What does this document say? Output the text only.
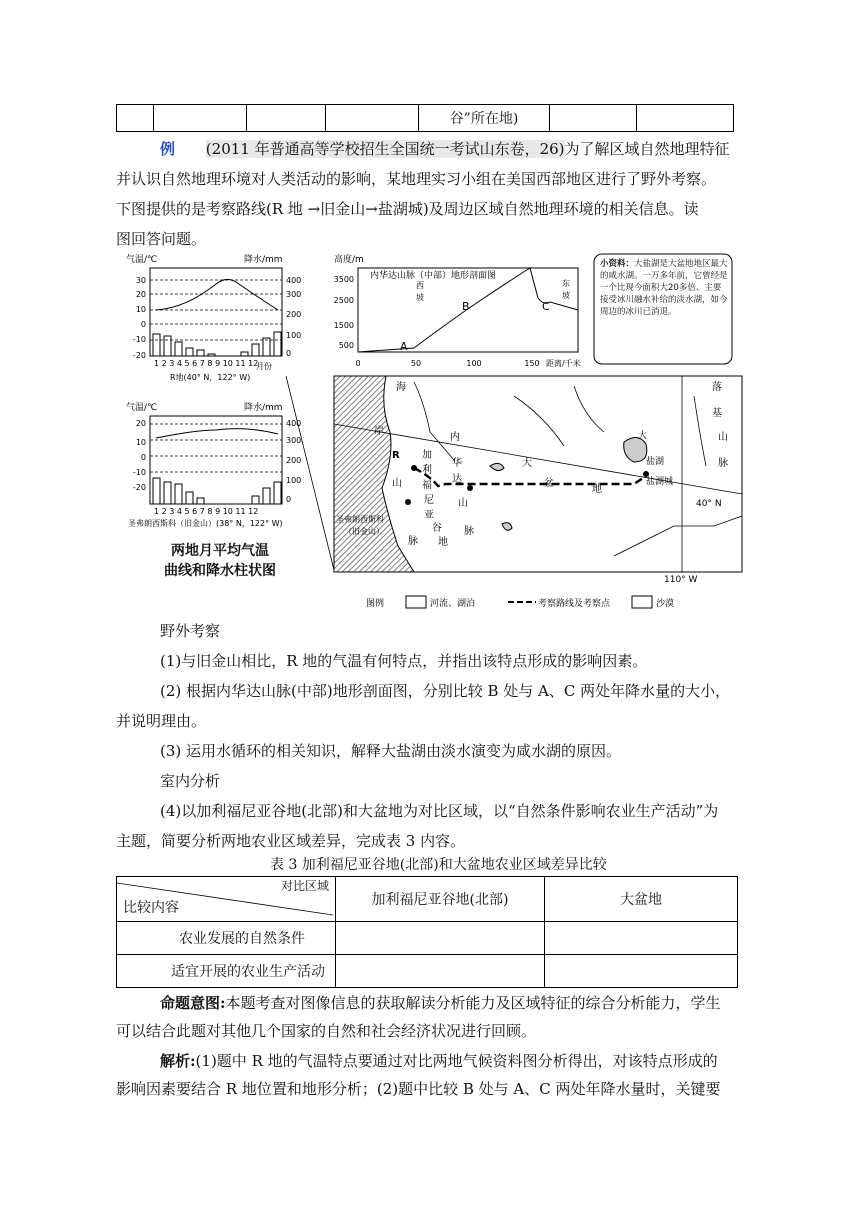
				谷”所在地)		
例 (2011 年普通高等学校招生全国统一考试山东卷，26)为了解区域自然地理特征
并认识自然地理环境对人类活动的影响，某地理实习小组在美国西部地区进行了野外考察。
下图提供的是考察路线(R 地 →旧金山→盐湖城)及周边区域自然地理环境的相关信息。读
图回答问题。
气温/℃	降水/mm
30
20
10
0
-10
-20
400
300
200
100
0
1 2 3 4 5 6 7 8 9 10 11 12
月份
R地(40° N，122° W)
气温/℃	降水/mm
20
10
0
-10
-20
400
300
200
100
0
1 2 3 4 5 6 7 8 9 10 11 12
圣弗朗西斯科（旧金山）(38° N，122° W)
高度/m
内华达山脉（中部）地形剖面图
3500
2500
1500
500
0	50	100	150 距离/千米
西
坡
东
坡
A
B	C
小资料：大盐湖是大盆地地区最大的咸水湖。一万多年前，它曾经是一个比现今面积大20多倍、主要接受冰川融水补给的淡水湖，如今周边的冰川已消退。
海
岸
R 加
利
福
尼
亚
谷
地
内
华
达
山
脉
脉
山
大
盆
地
大
盐湖
盐湖城
落
基
山
脉
40° N
110° W
圣弗朗西斯科
（旧金山）
图例	河流、湖泊	考察路线及考察点	沙漠
两地月平均气温
曲线和降水柱状图
野外考察
(1)与旧金山相比，R 地的气温有何特点，并指出该特点形成的影响因素。
(2) 根据内华达山脉(中部)地形剖面图，分别比较 B 处与 A、C 两处年降水量的大小，
并说明理由。
(3) 运用水循环的相关知识，解释大盐湖由淡水演变为咸水湖的原因。
室内分析
(4)以加利福尼亚谷地(北部)和大盆地为对比区域，以“自然条件影响农业生产活动”为
主题，简要分析两地农业区域差异，完成表 3 内容。
表 3 加利福尼亚谷地(北部)和大盆地农业区域差异比较
对比区域
比较内容	加利福尼亚谷地(北部)	大盆地
农业发展的自然条件		
适宜开展的农业生产活动		
命题意图:本题考查对图像信息的获取解读分析能力及区域特征的综合分析能力，学生
可以结合此题对其他几个国家的自然和社会经济状况进行回顾。
解析:(1)题中 R 地的气温特点要通过对比两地气候资料图分析得出，对该特点形成的
影响因素要结合 R 地位置和地形分析；(2)题中比较 B 处与 A、C 两处年降水量时，关键要
